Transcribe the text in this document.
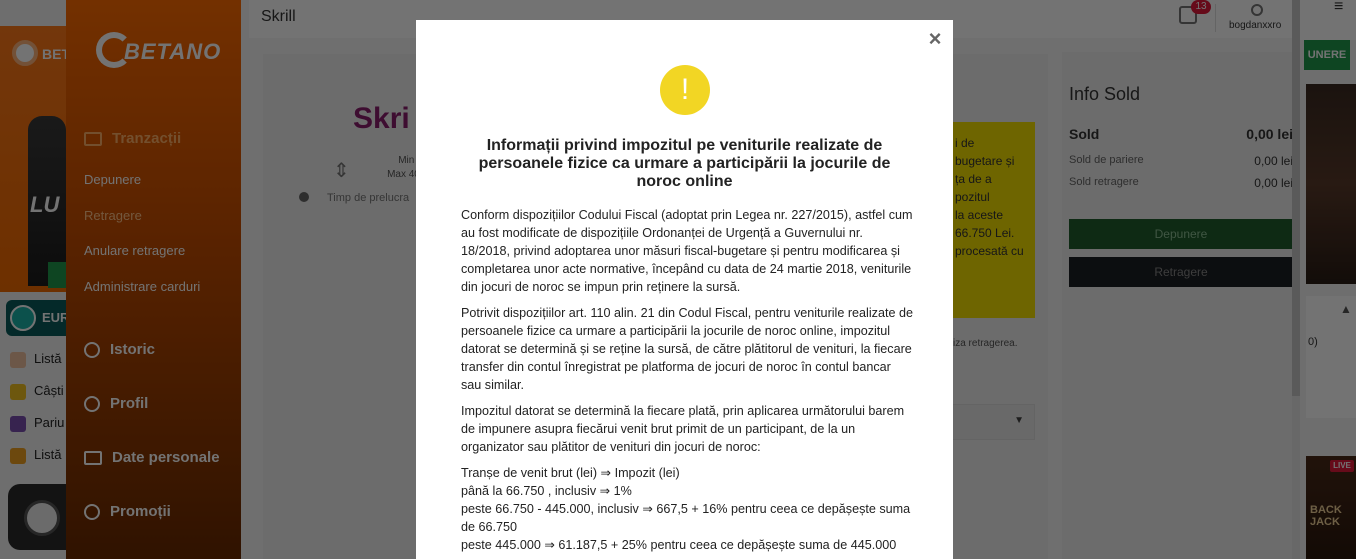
×
!
Informații privind impozitul pe veniturile realizate de persoanele fizice ca urmare a participării la jocurile de noroc online

Conform dispozițiilor Codului Fiscal (adoptat prin Legea nr. 227/2015), astfel cum au fost modificate de dispozițiile Ordonanței de Urgență a Guvernului nr. 18/2018, privind adoptarea unor măsuri fiscal-bugetare și pentru modificarea și completarea unor acte normative, începând cu data de 24 martie 2018, veniturile din jocuri de noroc se impun prin reținere la sursă.

Potrivit dispozițiilor art. 110 alin. 21 din Codul Fiscal, pentru veniturile realizate de persoanele fizice ca urmare a participării la jocurile de noroc online, impozitul datorat se determină și se reține la sursă, de către plătitorul de venituri, la fiecare transfer din contul înregistrat pe platforma de jocuri de noroc în contul bancar sau similar.

Impozitul datorat se determină la fiecare plată, prin aplicarea următorului barem de impunere asupra fiecărui venit brut primit de un participant, de la un organizator sau plătitor de venituri din jocuri de noroc:

Tranșe de venit brut (lei) ⇒ Impozit (lei)
până la 66.750 , inclusiv ⇒ 1%
peste 66.750 - 445.000, inclusiv ⇒ 667,5 + 16% pentru ceea ce depășește suma de 66.750
peste 445.000 ⇒ 61.187,5 + 25% pentru ceea ce depășește suma de 445.000
